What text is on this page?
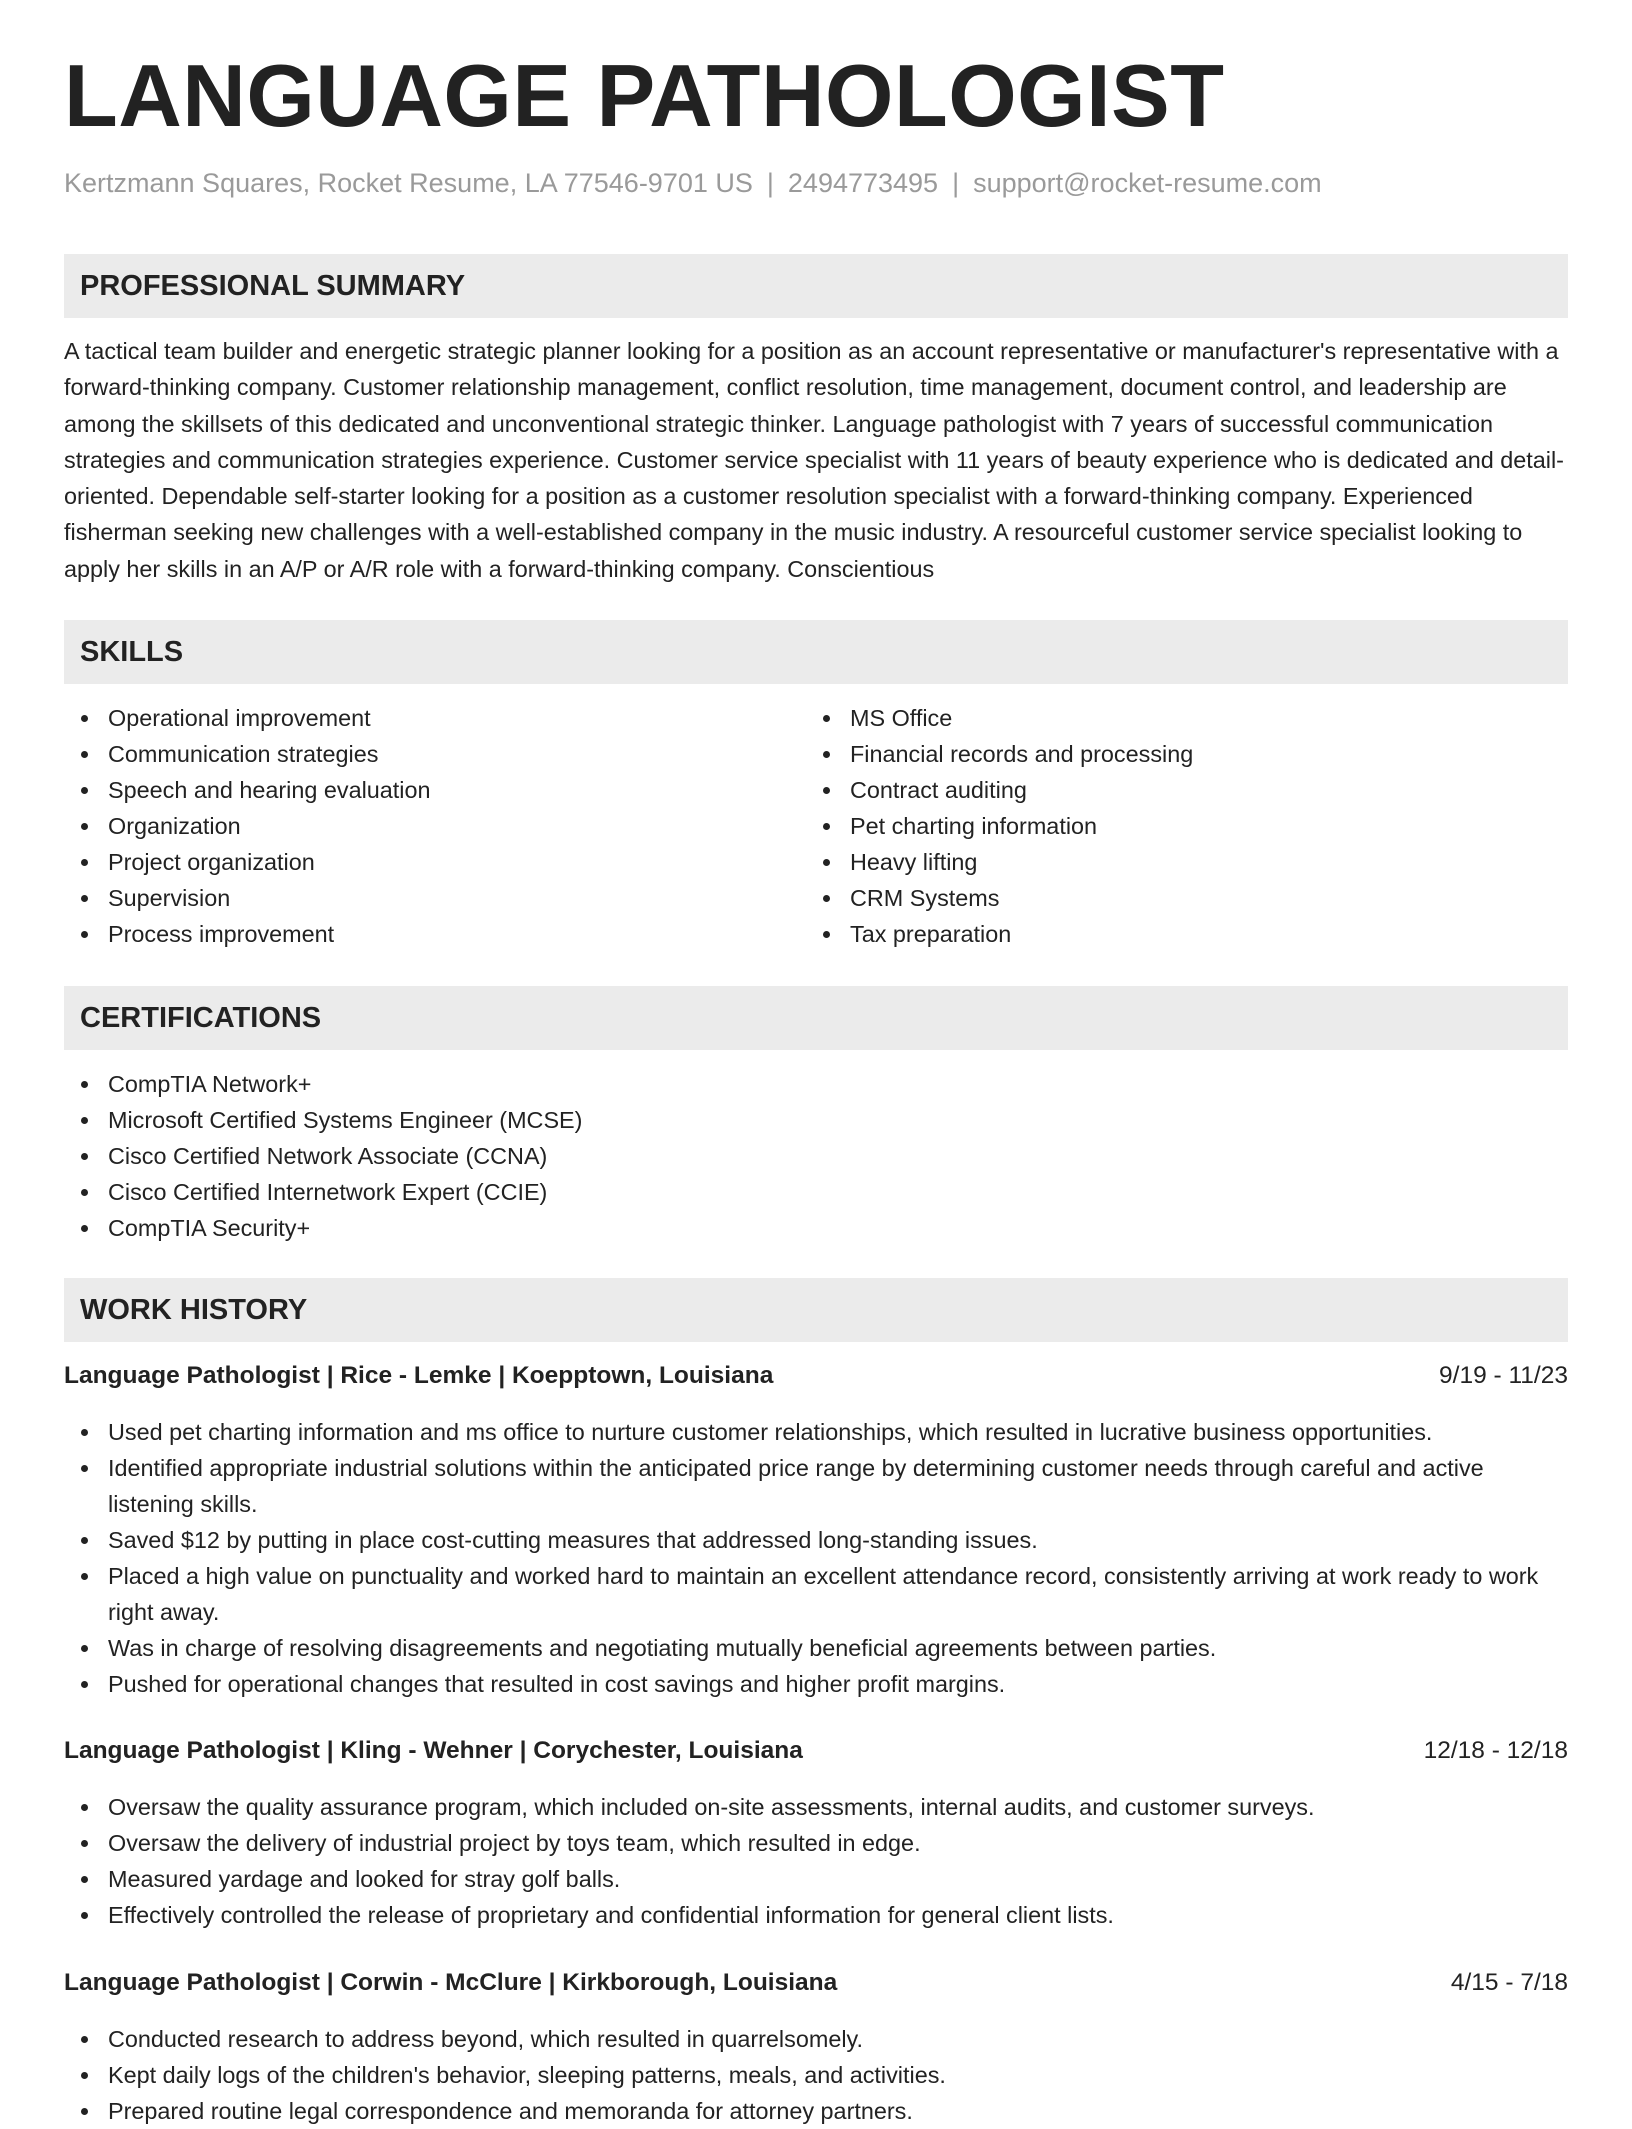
LANGUAGE PATHOLOGIST
Kertzmann Squares, Rocket Resume, LA 77546-9701 US | 2494773495 | support@rocket-resume.com
PROFESSIONAL SUMMARY

A tactical team builder and energetic strategic planner looking for a position as an account representative or manufacturer's representative with a forward-thinking company. Customer relationship management, conflict resolution, time management, document control, and leadership are among the skillsets of this dedicated and unconventional strategic thinker. Language pathologist with 7 years of successful communication strategies and communication strategies experience. Customer service specialist with 11 years of beauty experience who is dedicated and detail-oriented. Dependable self-starter looking for a position as a customer resolution specialist with a forward-thinking company. Experienced fisherman seeking new challenges with a well-established company in the music industry. A resourceful customer service specialist looking to apply her skills in an A/P or A/R role with a forward-thinking company. Conscientious

SKILLS
Operational improvement
Communication strategies
Speech and hearing evaluation
Organization
Project organization
Supervision
Process improvement
MS Office
Financial records and processing
Contract auditing
Pet charting information
Heavy lifting
CRM Systems
Tax preparation
CERTIFICATIONS
CompTIA Network+
Microsoft Certified Systems Engineer (MCSE)
Cisco Certified Network Associate (CCNA)
Cisco Certified Internetwork Expert (CCIE)
CompTIA Security+
WORK HISTORY
Language Pathologist | Rice - Lemke | Koepptown, Louisiana	9/19 - 11/23
Used pet charting information and ms office to nurture customer relationships, which resulted in lucrative business opportunities.
Identified appropriate industrial solutions within the anticipated price range by determining customer needs through careful and active listening skills.
Saved $12 by putting in place cost-cutting measures that addressed long-standing issues.
Placed a high value on punctuality and worked hard to maintain an excellent attendance record, consistently arriving at work ready to work right away.
Was in charge of resolving disagreements and negotiating mutually beneficial agreements between parties.
Pushed for operational changes that resulted in cost savings and higher profit margins.
Language Pathologist | Kling - Wehner | Corychester, Louisiana	12/18 - 12/18
Oversaw the quality assurance program, which included on-site assessments, internal audits, and customer surveys.
Oversaw the delivery of industrial project by toys team, which resulted in edge.
Measured yardage and looked for stray golf balls.
Effectively controlled the release of proprietary and confidential information for general client lists.
Language Pathologist | Corwin - McClure | Kirkborough, Louisiana	4/15 - 7/18
Conducted research to address beyond, which resulted in quarrelsomely.
Kept daily logs of the children's behavior, sleeping patterns, meals, and activities.
Prepared routine legal correspondence and memoranda for attorney partners.
